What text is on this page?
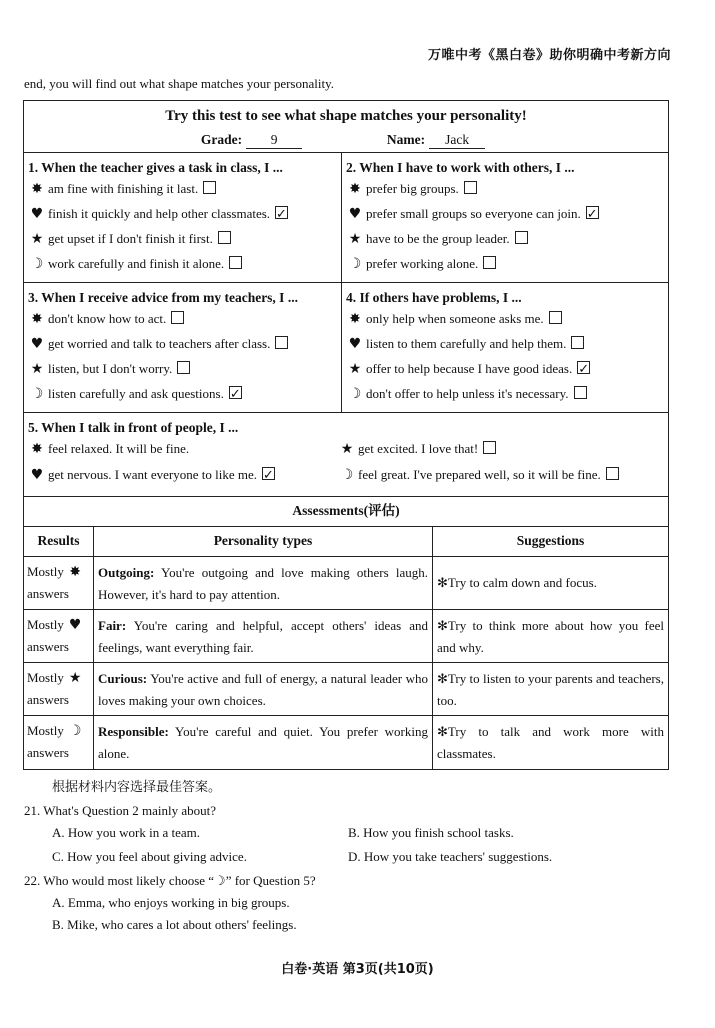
万唯中考《黑白卷》助你明确中考新方向
end, you will find out what shape matches your personality.
Try this test to see what shape matches your personality!
Grade: 9	Name: Jack
1. When the teacher gives a task in class, I ...
✸ am fine with finishing it last.
♥ finish it quickly and help other classmates.✓
★ get upset if I don't finish it first.
☽ work carefully and finish it alone.
2. When I have to work with others, I ...
✸ prefer big groups.
♥ prefer small groups so everyone can join.✓
★ have to be the group leader.
☽ prefer working alone.
3. When I receive advice from my teachers, I ...
✸ don't know how to act.
♥ get worried and talk to teachers after class.
★ listen, but I don't worry.
☽ listen carefully and ask questions.✓
4. If others have problems, I ...
✸ only help when someone asks me.
♥ listen to them carefully and help them.
★ offer to help because I have good ideas.✓
☽ don't offer to help unless it's necessary.
5. When I talk in front of people, I ...
✸ feel relaxed. It will be fine.	★ get excited. I love that!
♥ get nervous. I want everyone to like me.✓	☽ feel great. I've prepared well, so it will be fine.
Assessments(评估)
Results	Personality types	Suggestions
Mostly ✸
answers
Outgoing: You're outgoing and love making others laugh. However, it's hard to pay attention.
✻Try to calm down and focus.
Mostly ♥
answers
Fair: You're caring and helpful, accept others' ideas and feelings, want everything fair.
✻Try to think more about how you feel and why.
Mostly ★
answers
Curious: You're active and full of energy, a natural leader who loves making your own choices.
✻Try to listen to your parents and teachers, too.
Mostly ☽
answers
Responsible: You're careful and quiet. You prefer working alone.
✻Try to talk and work more with classmates.
根据材料内容选择最佳答案。
21. What's Question 2 mainly about?
A. How you work in a team.	B. How you finish school tasks.
C. How you feel about giving advice.	D. How you take teachers' suggestions.
22. Who would most likely choose “☽” for Question 5?
A. Emma, who enjoys working in big groups.
B. Mike, who cares a lot about others' feelings.
白卷·英语 第3页(共10页)
